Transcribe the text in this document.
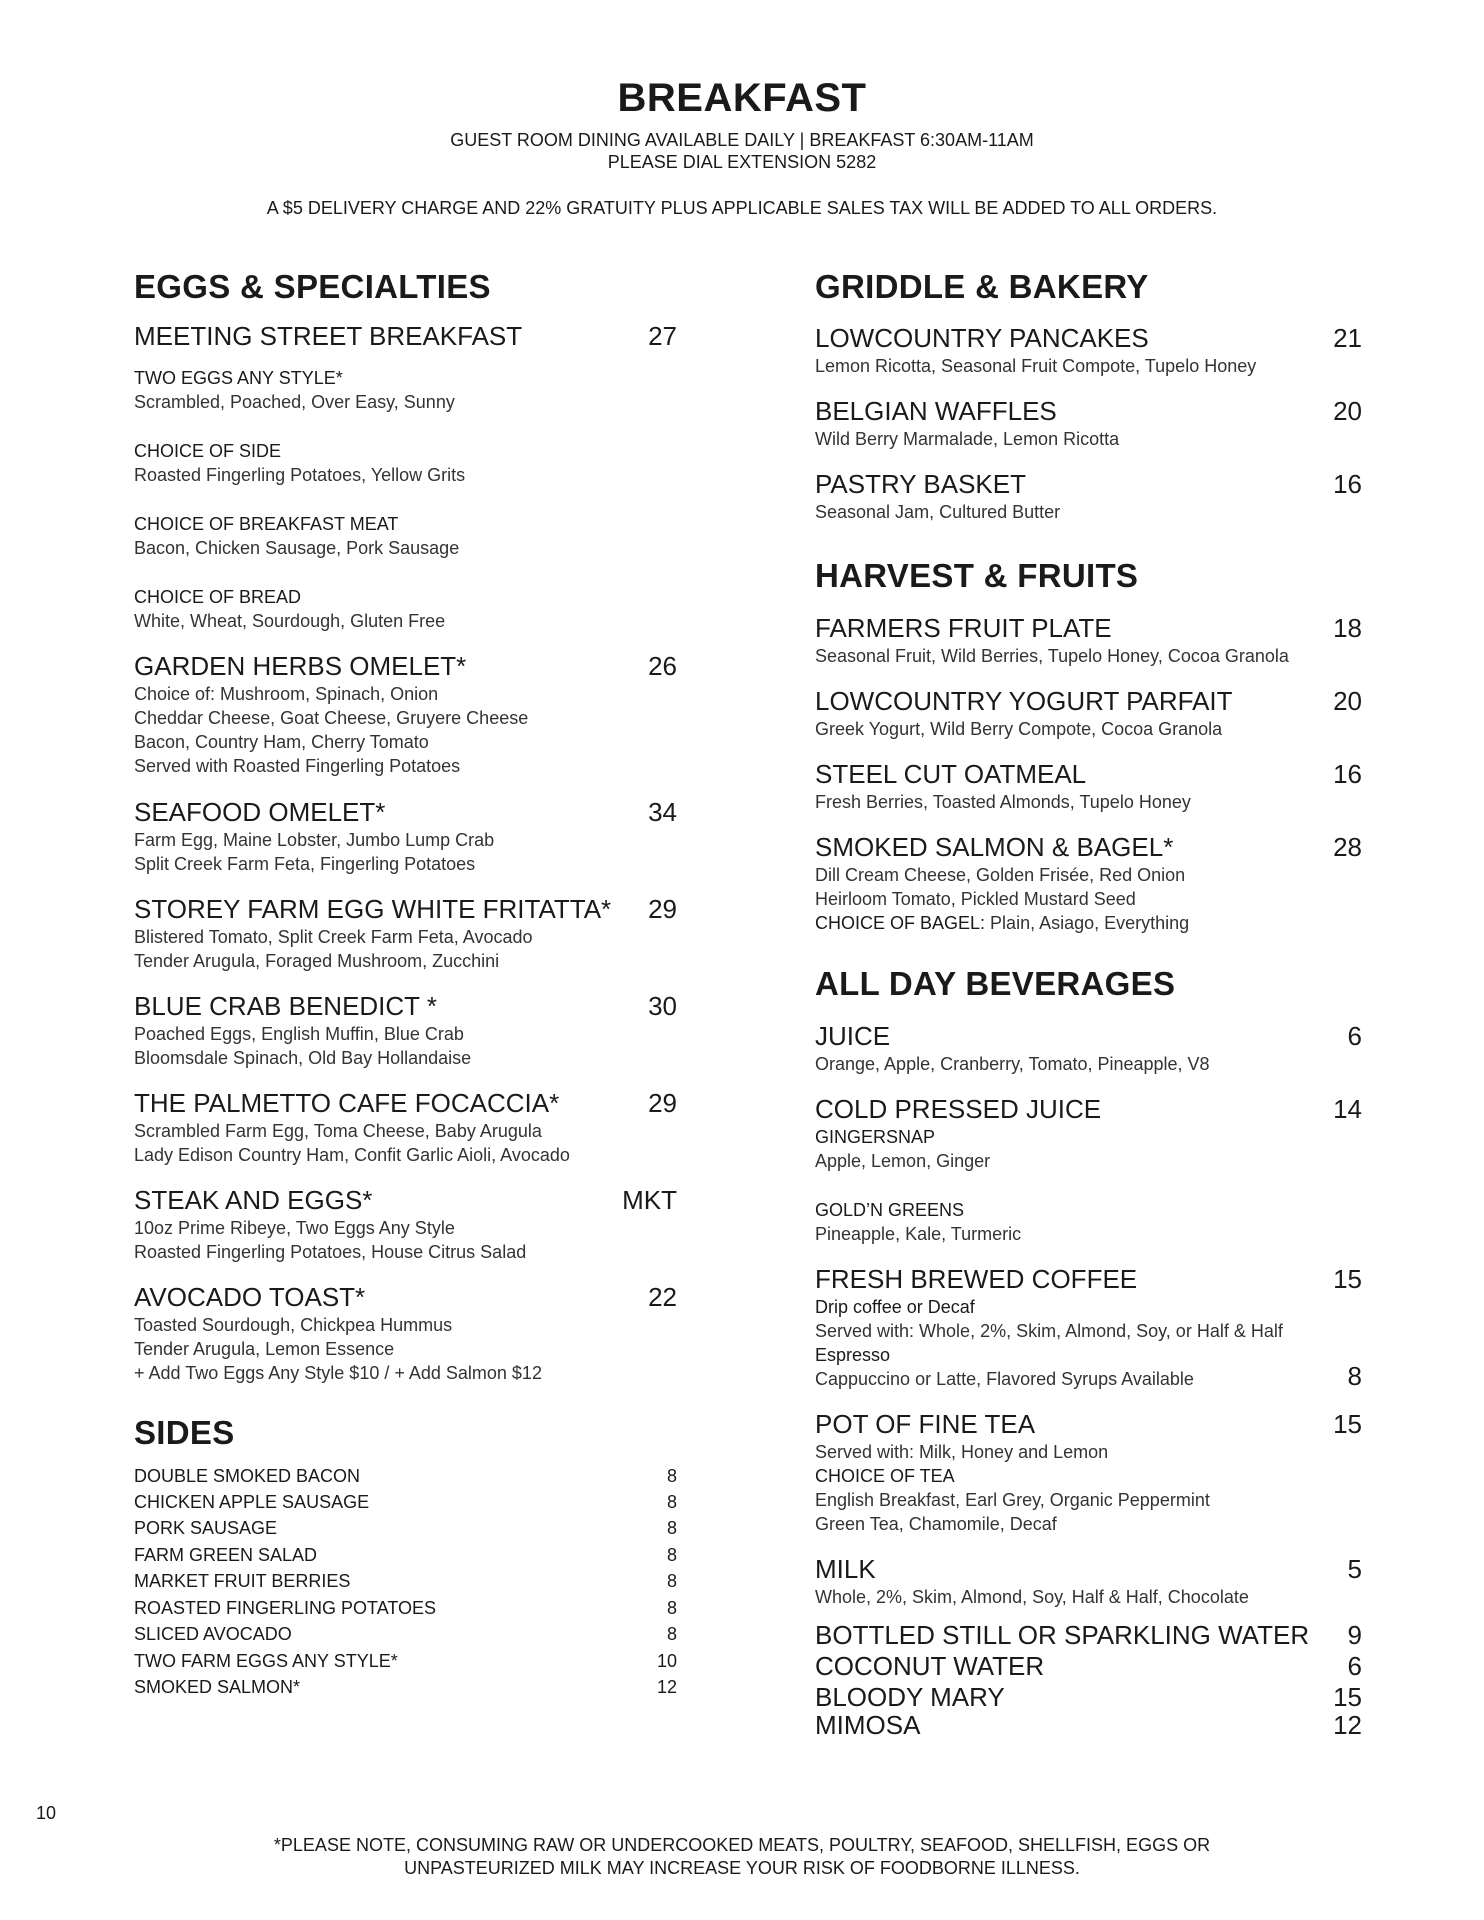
BREAKFAST
GUEST ROOM DINING AVAILABLE DAILY | BREAKFAST 6:30AM-11AM
PLEASE DIAL EXTENSION 5282
A $5 DELIVERY CHARGE AND 22% GRATUITY PLUS APPLICABLE SALES TAX WILL BE ADDED TO ALL ORDERS.
EGGS & SPECIALTIES
MEETING STREET BREAKFAST	27
TWO EGGS ANY STYLE*
Scrambled, Poached, Over Easy, Sunny
CHOICE OF SIDE
Roasted Fingerling Potatoes, Yellow Grits
CHOICE OF BREAKFAST MEAT
Bacon, Chicken Sausage, Pork Sausage
CHOICE OF BREAD
White, Wheat, Sourdough, Gluten Free
GARDEN HERBS OMELET*	26
Choice of: Mushroom, Spinach, Onion
Cheddar Cheese, Goat Cheese, Gruyere Cheese
Bacon, Country Ham, Cherry Tomato
Served with Roasted Fingerling Potatoes
SEAFOOD OMELET*	34
Farm Egg, Maine Lobster, Jumbo Lump Crab
Split Creek Farm Feta, Fingerling Potatoes
STOREY FARM EGG WHITE FRITATTA*	29
Blistered Tomato, Split Creek Farm Feta, Avocado
Tender Arugula, Foraged Mushroom, Zucchini
BLUE CRAB BENEDICT *	30
Poached Eggs, English Muffin, Blue Crab
Bloomsdale Spinach, Old Bay Hollandaise
THE PALMETTO CAFE FOCACCIA*	29
Scrambled Farm Egg, Toma Cheese, Baby Arugula
Lady Edison Country Ham, Confit Garlic Aioli, Avocado
STEAK AND EGGS*	MKT
10oz Prime Ribeye, Two Eggs Any Style
Roasted Fingerling Potatoes, House Citrus Salad
AVOCADO TOAST*	22
Toasted Sourdough, Chickpea Hummus
Tender Arugula, Lemon Essence
+ Add Two Eggs Any Style $10 / + Add Salmon $12
SIDES
DOUBLE SMOKED BACON	8
CHICKEN APPLE SAUSAGE	8
PORK SAUSAGE	8
FARM GREEN SALAD	8
MARKET FRUIT BERRIES	8
ROASTED FINGERLING POTATOES	8
SLICED AVOCADO	8
TWO FARM EGGS ANY STYLE*	10
SMOKED SALMON*	12
GRIDDLE & BAKERY
LOWCOUNTRY PANCAKES	21
Lemon Ricotta, Seasonal Fruit Compote, Tupelo Honey
BELGIAN WAFFLES	20
Wild Berry Marmalade, Lemon Ricotta
PASTRY BASKET	16
Seasonal Jam, Cultured Butter
HARVEST & FRUITS
FARMERS FRUIT PLATE	18
Seasonal Fruit, Wild Berries, Tupelo Honey, Cocoa Granola
LOWCOUNTRY YOGURT PARFAIT	20
Greek Yogurt, Wild Berry Compote, Cocoa Granola
STEEL CUT OATMEAL	16
Fresh Berries, Toasted Almonds, Tupelo Honey
SMOKED SALMON & BAGEL*	28
Dill Cream Cheese, Golden Frisée, Red Onion
Heirloom Tomato, Pickled Mustard Seed
CHOICE OF BAGEL: Plain, Asiago, Everything
ALL DAY BEVERAGES
JUICE	6
Orange, Apple, Cranberry, Tomato, Pineapple, V8
COLD PRESSED JUICE	14
GINGERSNAP
Apple, Lemon, Ginger
GOLD’N GREENS
Pineapple, Kale, Turmeric
FRESH BREWED COFFEE	15
Drip coffee or Decaf
Served with: Whole, 2%, Skim, Almond, Soy, or Half & Half
Espresso
Cappuccino or Latte, Flavored Syrups Available	8
POT OF FINE TEA	15
Served with: Milk, Honey and Lemon
CHOICE OF TEA
English Breakfast, Earl Grey, Organic Peppermint
Green Tea, Chamomile, Decaf
MILK	5
Whole, 2%, Skim, Almond, Soy, Half & Half, Chocolate
BOTTLED STILL OR SPARKLING WATER	9
COCONUT WATER	6
BLOODY MARY	15
MIMOSA	12
10
*PLEASE NOTE, CONSUMING RAW OR UNDERCOOKED MEATS, POULTRY, SEAFOOD, SHELLFISH, EGGS OR
UNPASTEURIZED MILK MAY INCREASE YOUR RISK OF FOODBORNE ILLNESS.
